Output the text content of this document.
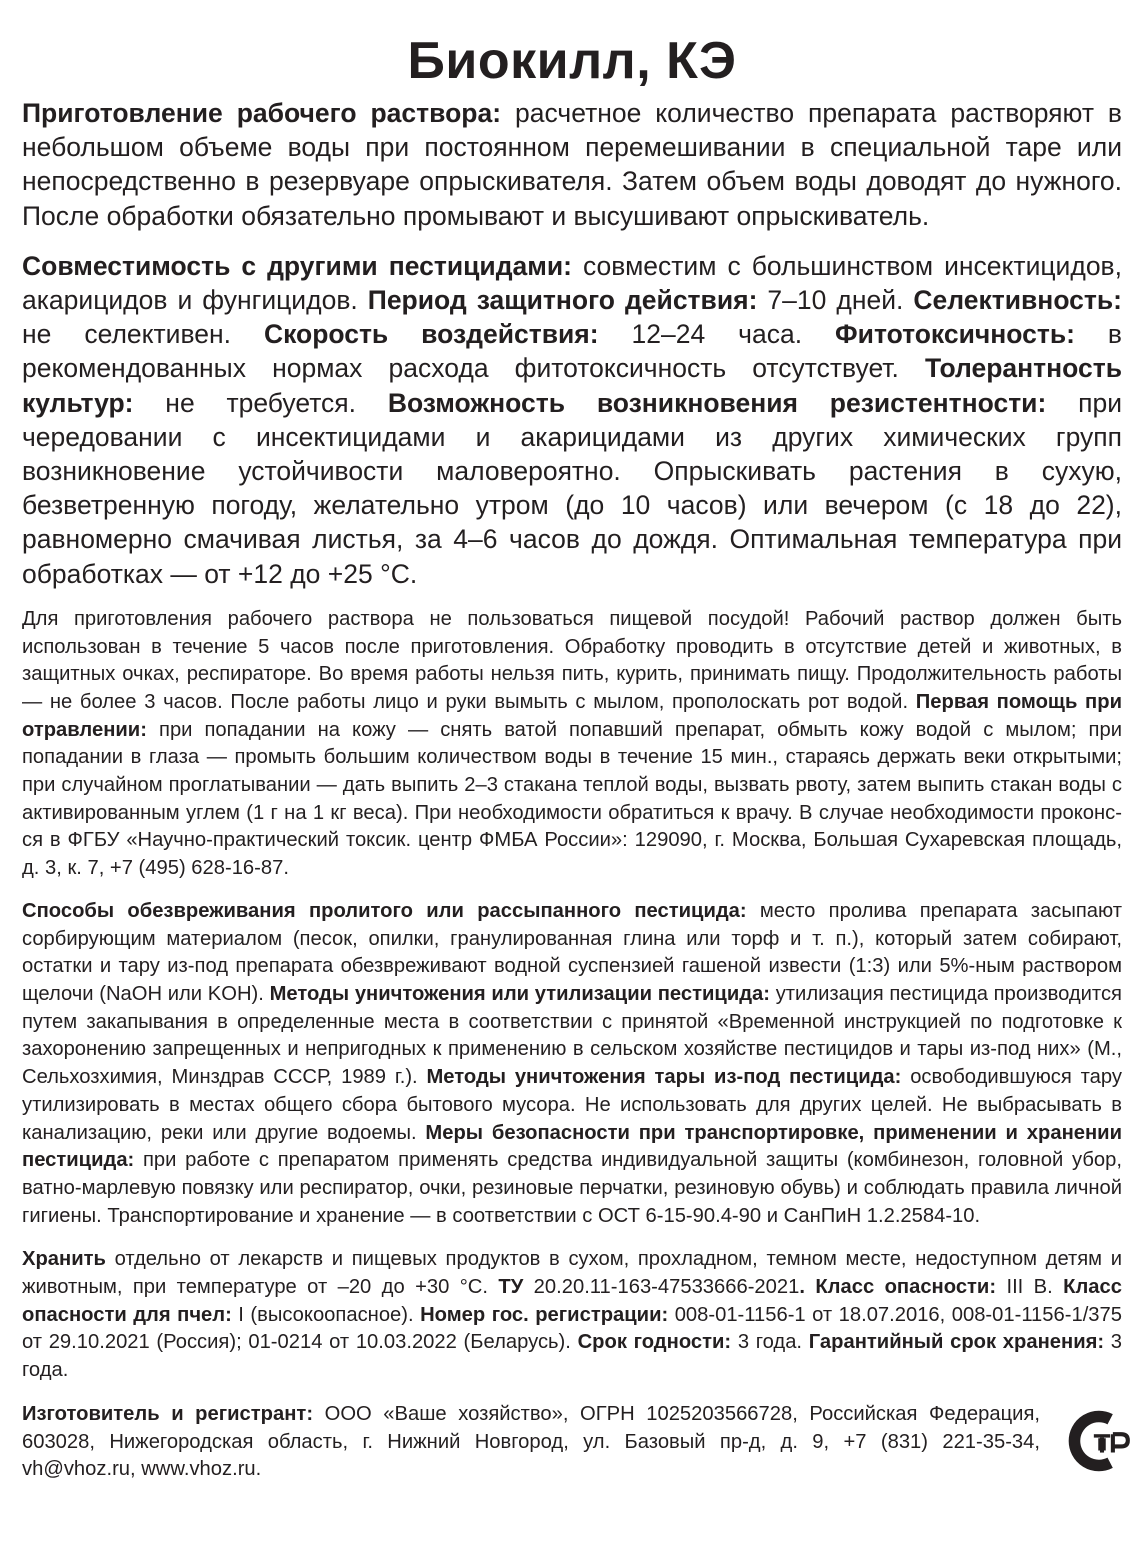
Биокилл, КЭ

Приготовление рабочего раствора: расчетное количество препарата растворяют в небольшом объеме воды при постоянном перемешивании в специальной таре или непосредственно в резервуаре опрыскивателя. Затем объем воды доводят до нужного. После обработки обязательно промывают и высушивают опрыскиватель.

Совместимость с другими пестицидами: совместим с большинством инсектицидов, акарицидов и фунгицидов. Период защитного действия: 7–10 дней. Селективность: не селективен. Скорость воздействия: 12–24 часа. Фитотоксичность: в рекомендованных нормах расхода фитотоксичность отсутствует. Толерантность культур: не требуется. Возможность возникновения резистентности: при чередовании с инсектицидами и акарицидами из других химических групп возникновение устойчивости маловероятно. Опрыскивать растения в сухую, безветренную погоду, желательно утром (до 10 часов) или вечером (с 18 до 22), равномерно смачивая листья, за 4–6 часов до дождя. Оптимальная температура при обработках — от +12 до +25 °С.

Для приготовления рабочего раствора не пользоваться пищевой посудой! Рабочий раствор должен быть использован в течение 5 часов после приготовления. Обработку проводить в отсутствие детей и животных, в защитных очках, респираторе. Во время работы нельзя пить, курить, принимать пищу. Продолжительность работы — не более 3 часов. После работы лицо и руки вымыть с мылом, прополоскать рот водой. Первая помощь при отравлении: при попадании на кожу — снять ватой попавший препарат, обмыть кожу водой с мылом; при попадании в глаза — промыть большим количеством воды в течение 15 мин., стараясь держать веки открытыми; при случайном проглатывании — дать выпить 2–3 стакана теплой воды, вызвать рвоту, затем выпить стакан воды с активированным углем (1 г на 1 кг веса). При необходимости обратиться к врачу. В случае необходимости проконс-ся в ФГБУ «Научно-практический токсик. центр ФМБА России»: 129090, г. Москва, Большая Сухаревская площадь, д. 3, к. 7, +7 (495) 628-16-87.

Способы обезвреживания пролитого или рассыпанного пестицида: место пролива препарата засыпают сорбирующим материалом (песок, опилки, гранулированная глина или торф и т. п.), который затем собирают, остатки и тару из-под препарата обезвреживают водной суспензией гашеной извести (1:3) или 5%-ным раствором щелочи (NaOH или KOH). Методы уничтожения или утилизации пестицида: утилизация пестицида производится путем закапывания в определенные места в соответствии с принятой «Временной инструкцией по подготовке к захоронению запрещенных и непригодных к применению в сельском хозяйстве пестицидов и тары из-под них» (М., Сельхозхимия, Минздрав СССР, 1989 г.). Методы уничтожения тары из-под пестицида: освободившуюся тару утилизировать в местах общего сбора бытового мусора. Не использовать для других целей. Не выбрасывать в канализацию, реки или другие водоемы. Меры безопасности при транспортировке, применении и хранении пестицида: при работе с препаратом применять средства индивидуальной защиты (комбинезон, головной убор, ватно-марлевую повязку или респиратор, очки, резиновые перчатки, резиновую обувь) и соблюдать правила личной гигиены. Транспортирование и хранение — в соответствии с ОСТ 6-15-90.4-90 и СанПиН 1.2.2584-10.

Хранить отдельно от лекарств и пищевых продуктов в сухом, прохладном, темном месте, недоступном детям и животным, при температуре от –20 до +30 °С. ТУ 20.20.11-163-47533666-2021. Класс опасности: III В. Класс опасности для пчел: I (высокоопасное). Номер гос. регистрации: 008-01-1156-1 от 18.07.2016, 008-01-1156-1/375 от 29.10.2021 (Россия); 01-0214 от 10.03.2022 (Беларусь). Срок годности: 3 года. Гарантийный срок хранения: 3 года.

Изготовитель и регистрант: ООО «Ваше хозяйство», ОГРН 1025203566728, Российская Федерация, 603028, Нижегородская область, г. Нижний Новгород, ул. Базовый пр-д, д. 9, +7 (831) 221-35-34, vh@vhoz.ru, www.vhoz.ru.
